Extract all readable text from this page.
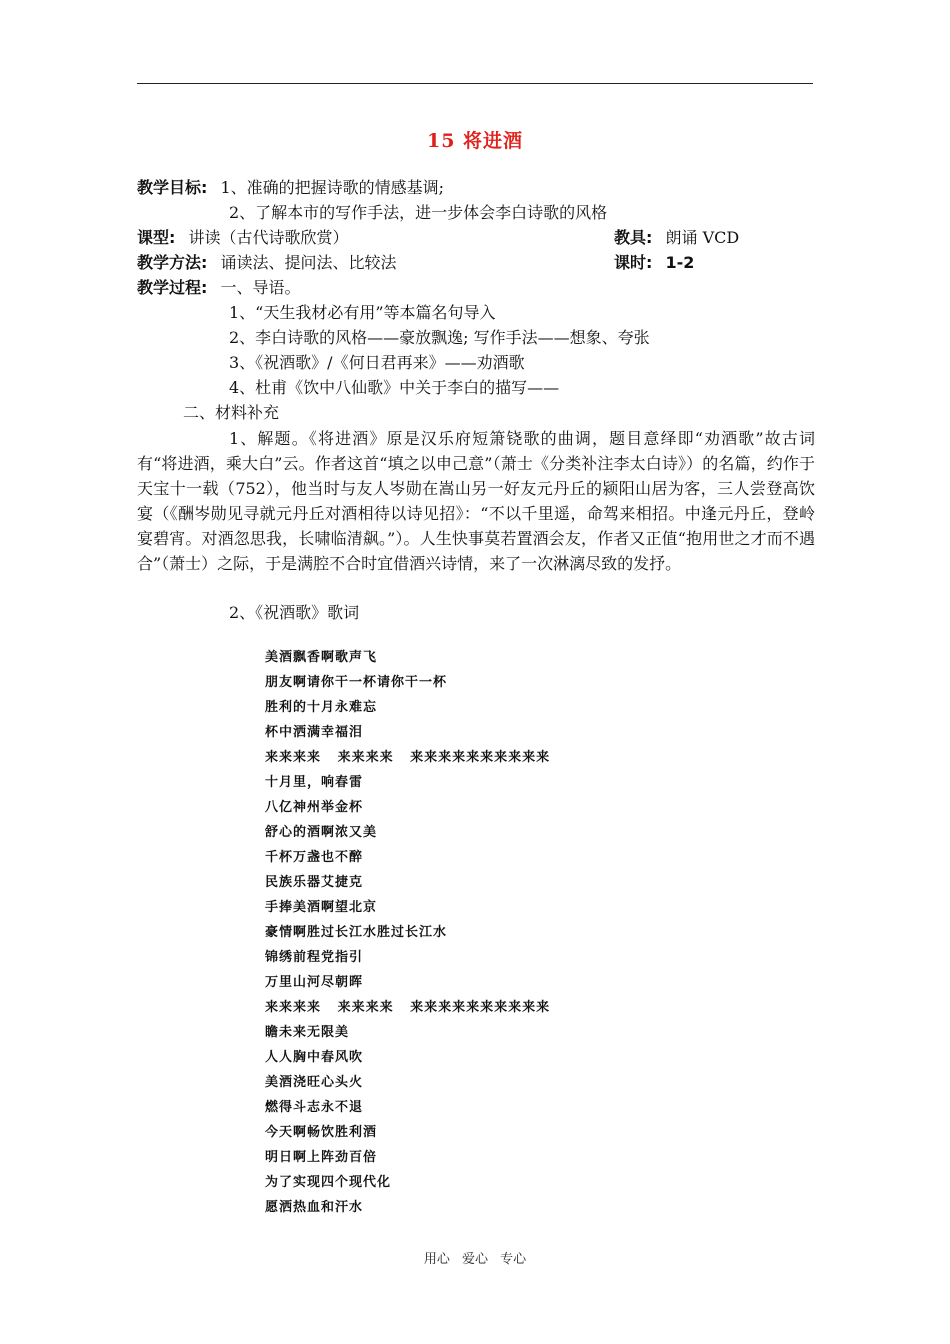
15 将进酒
教学目标: 1、准确的把握诗歌的情感基调;
2、了解本市的写作手法，进一步体会李白诗歌的风格
课型: 讲读（古代诗歌欣赏）	教具: 朗诵 VCD
教学方法: 诵读法、提问法、比较法	课时: 1-2
教学过程: 一、导语。
1、“天生我材必有用”等本篇名句导入
2、李白诗歌的风格——豪放飘逸; 写作手法——想象、夸张
3、《祝酒歌》/《何日君再来》——劝酒歌
4、杜甫《饮中八仙歌》中关于李白的描写——
二、材料补充
1、解题。《将进酒》原是汉乐府短箫铙歌的曲调，题目意绎即“劝酒歌”故古词有“将进酒，乘大白”云。作者这首“填之以申己意”（萧士《分类补注李太白诗》）的名篇，约作于天宝十一载（752），他当时与友人岑勋在嵩山另一好友元丹丘的颍阳山居为客，三人尝登高饮宴（《酬岑勋见寻就元丹丘对酒相待以诗见招》：“不以千里遥，命驾来相招。中逢元丹丘，登岭宴碧宵。对酒忽思我，长啸临清飙。”）。人生快事莫若置酒会友，作者又正值“抱用世之才而不遇合”（萧士）之际，于是满腔不合时宜借酒兴诗情，来了一次淋漓尽致的发抒。
2、《祝酒歌》歌词
美酒飘香啊歌声飞
朋友啊请你干一杯请你干一杯
胜利的十月永难忘
杯中洒满幸福泪
来来来来   来来来来   来来来来来来来来来来
十月里，响春雷
八亿神州举金杯
舒心的酒啊浓又美
千杯万盏也不醉
民族乐器艾捷克
手捧美酒啊望北京
豪情啊胜过长江水胜过长江水
锦绣前程党指引
万里山河尽朝晖
来来来来   来来来来   来来来来来来来来来来
瞻未来无限美
人人胸中春风吹
美酒浇旺心头火
燃得斗志永不退
今天啊畅饮胜利酒
明日啊上阵劲百倍
为了实现四个现代化
愿洒热血和汗水
用心 爱心 专心
